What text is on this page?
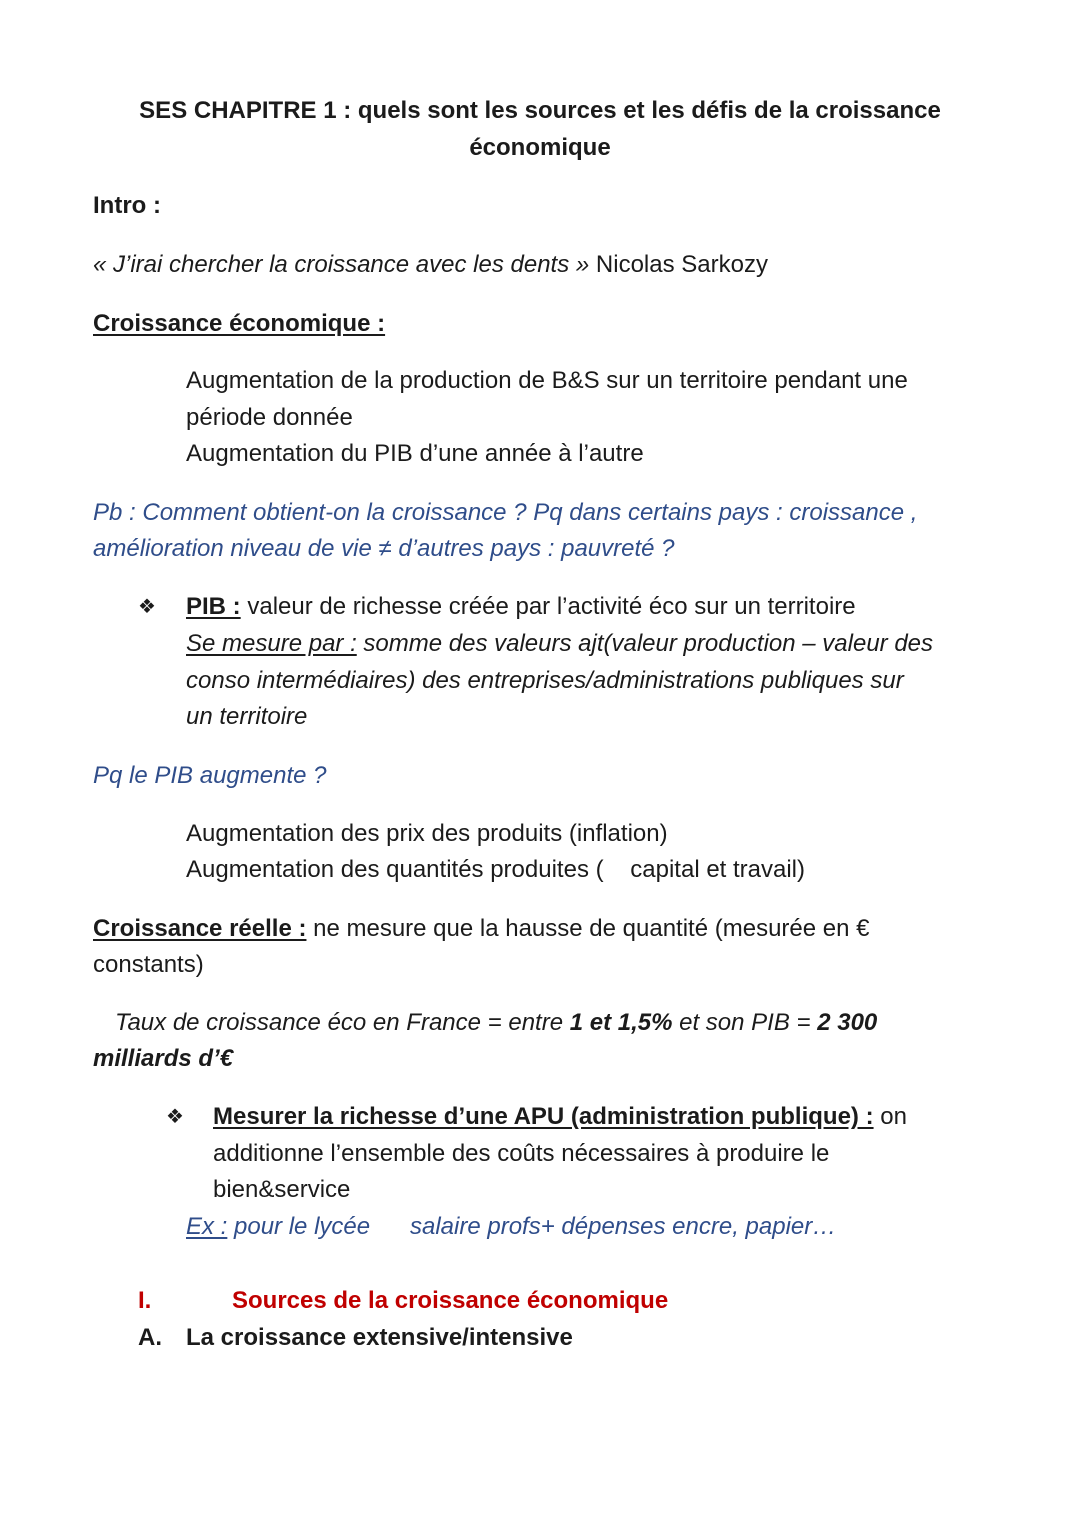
SES CHAPITRE 1 : quels sont les sources et les défis de la croissance
économique
Intro :
« J’irai chercher la croissance avec les dents » Nicolas Sarkozy
Croissance économique :
Augmentation de la production de B&S sur un territoire pendant une
période donnée
Augmentation du PIB d’une année à l’autre
Pb : Comment obtient-on la croissance ? Pq dans certains pays : croissance ,
amélioration niveau de vie ≠ d’autres pays : pauvreté ?
❖ PIB : valeur de richesse créée par l’activité éco sur un territoire
Se mesure par : somme des valeurs ajt(valeur production – valeur des
conso intermédiaires) des entreprises/administrations publiques sur
un territoire
Pq le PIB augmente ?
Augmentation des prix des produits (inflation)
Augmentation des quantités produites (    capital et travail)
Croissance réelle : ne mesure que la hausse de quantité (mesurée en €
constants)
Taux de croissance éco en France = entre 1 et 1,5% et son PIB = 2 300
milliards d’€
❖ Mesurer la richesse d’une APU (administration publique) : on
additionne l’ensemble des coûts nécessaires à produire le
bien&service
Ex : pour le lycée salaire profs+ dépenses encre, papier…
I.	Sources de la croissance économique
A. La croissance extensive/intensive
